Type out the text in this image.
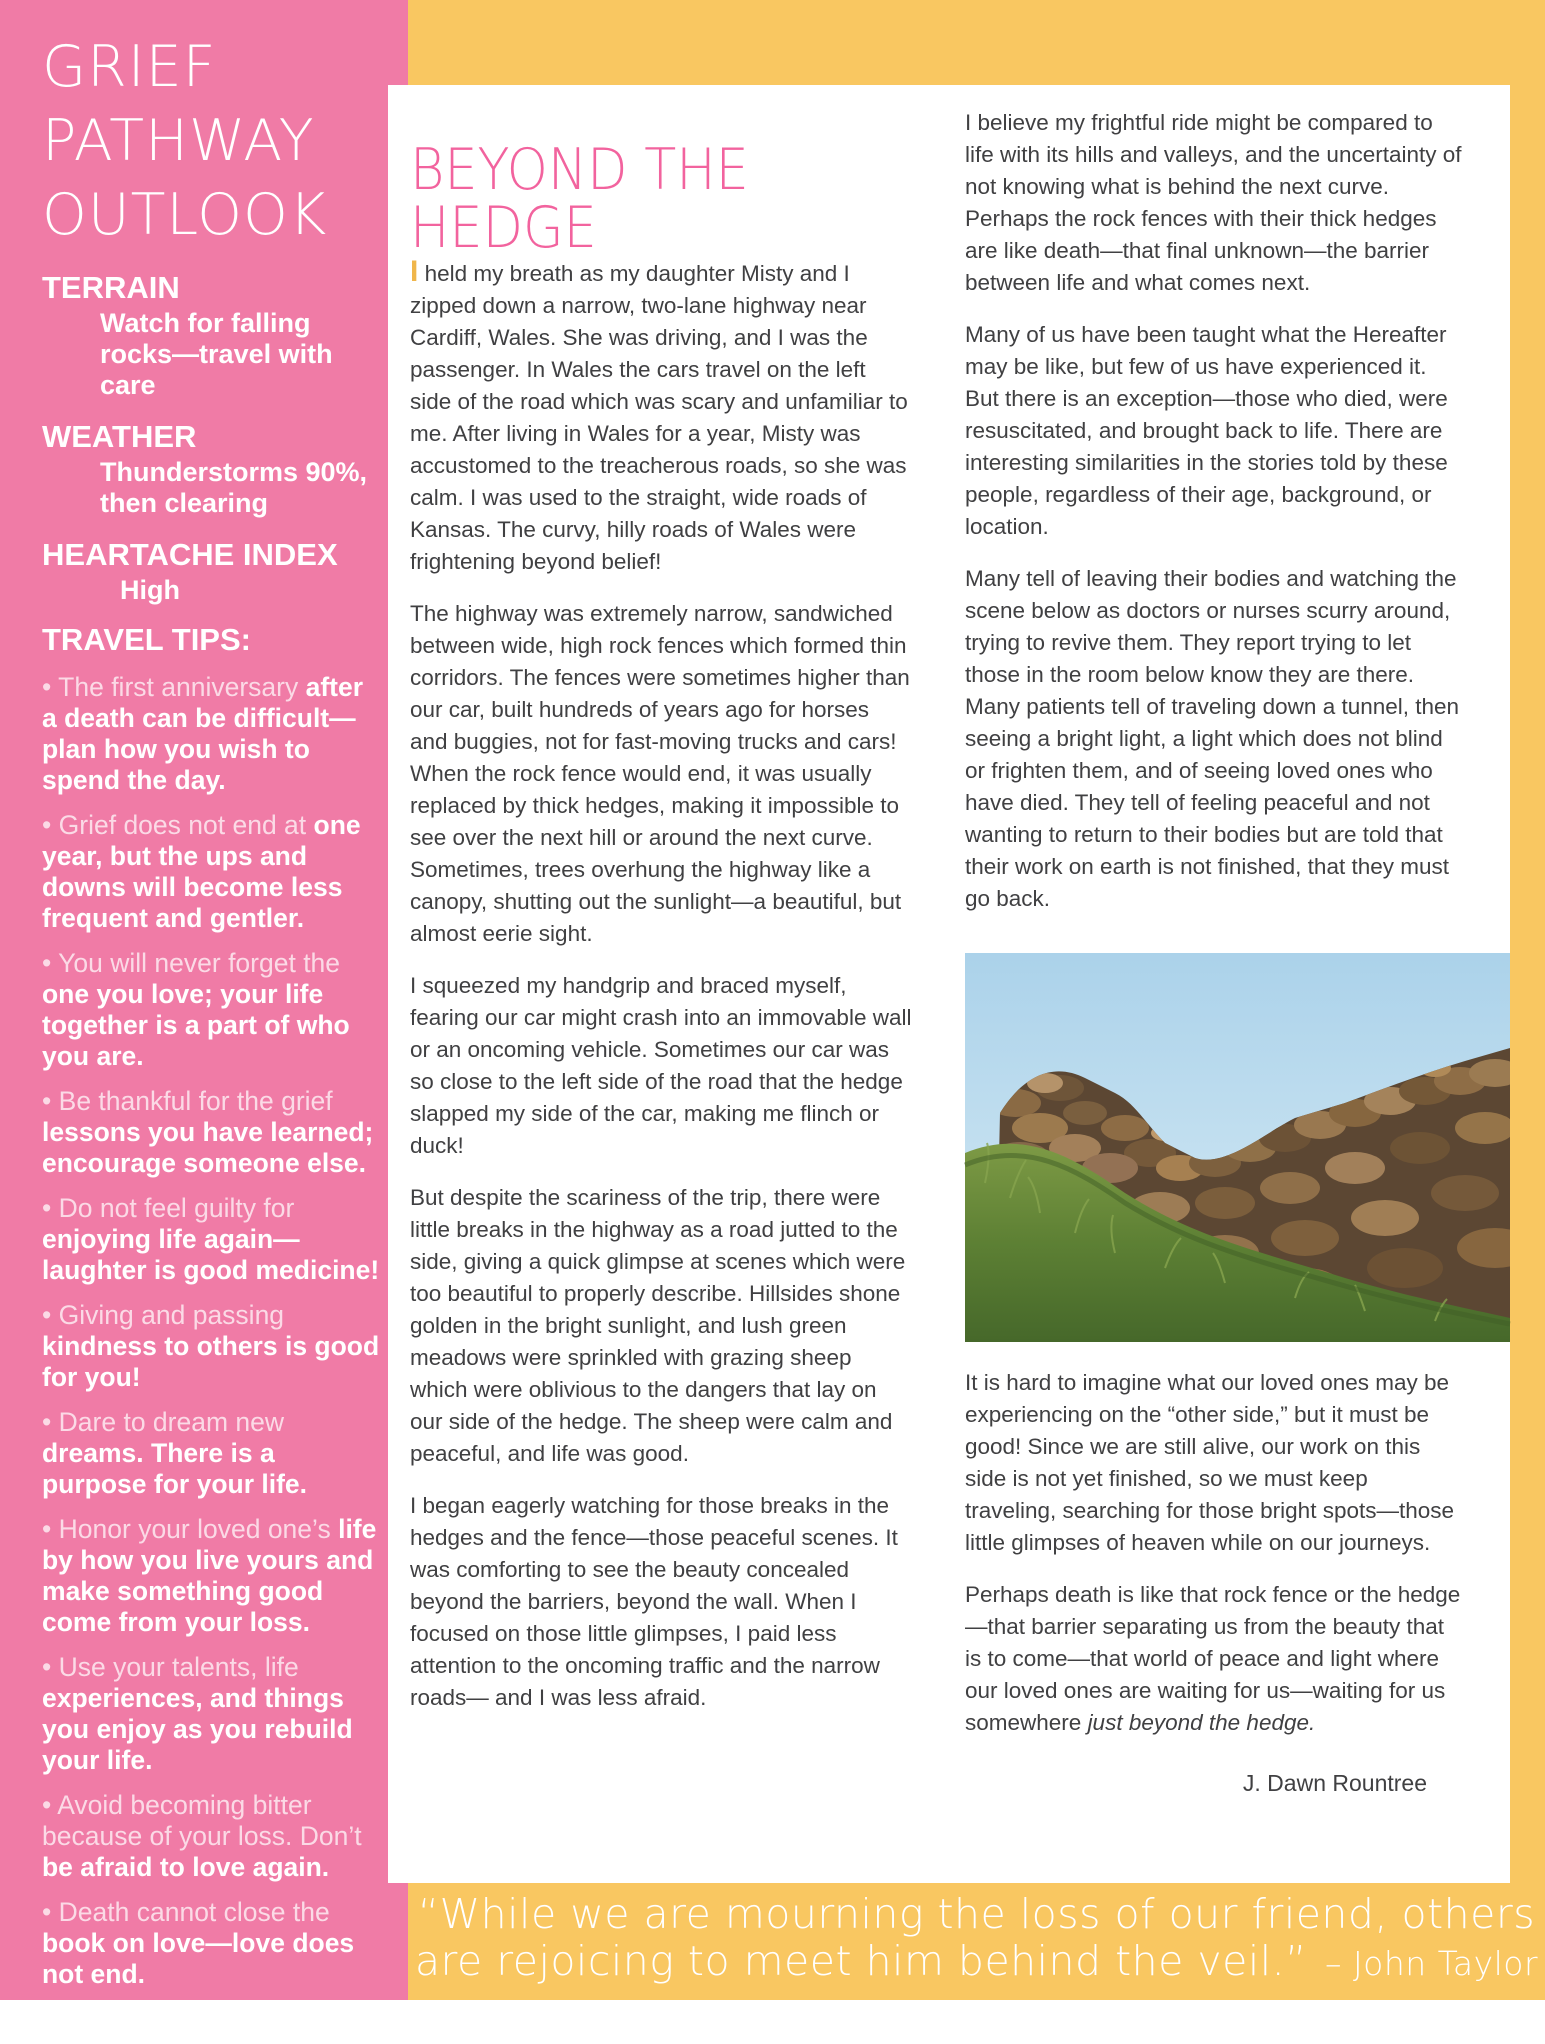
GRIEF
PATHWAY
OUTLOOK
TERRAIN
Watch for falling rocks—travel with care
WEATHER
Thunderstorms 90%, then clearing
HEARTACHE INDEX
High
TRAVEL TIPS:
• The first anniversary after a death can be difficult—plan how you wish to spend the day.
• Grief does not end at one year, but the ups and downs will become less frequent and gentler.
• You will never forget the one you love; your life together is a part of who you are.
• Be thankful for the grief lessons you have learned; encourage someone else.
• Do not feel guilty for enjoying life again—laughter is good medicine!
• Giving and passing kindness to others is good for you!
• Dare to dream new dreams. There is a purpose for your life.
• Honor your loved one’s life by how you live yours and make something good come from your loss.
• Use your talents, life experiences, and things you enjoy as you rebuild your life.
• Avoid becoming bitter because of your loss. Don’t be afraid to love again.
• Death cannot close the book on love—love does not end.
© 2023 Tootleville Publishing
BEYOND THE
HEDGE

I held my breath as my daughter Misty and I zipped down a narrow, two-lane highway near Cardiff, Wales. She was driving, and I was the passenger. In Wales the cars travel on the left side of the road which was scary and unfamiliar to me. After living in Wales for a year, Misty was accustomed to the treacherous roads, so she was calm. I was used to the straight, wide roads of Kansas. The curvy, hilly roads of Wales were frightening beyond belief!

The highway was extremely narrow, sandwiched between wide, high rock fences which formed thin corridors. The fences were sometimes higher than our car, built hundreds of years ago for horses and buggies, not for fast-moving trucks and cars! When the rock fence would end, it was usually replaced by thick hedges, making it impossible to see over the next hill or around the next curve. Sometimes, trees overhung the highway like a canopy, shutting out the sunlight—a beautiful, but almost eerie sight.

I squeezed my handgrip and braced myself, fearing our car might crash into an immovable wall or an oncoming vehicle. Sometimes our car was so close to the left side of the road that the hedge slapped my side of the car, making me flinch or duck!

But despite the scariness of the trip, there were little breaks in the highway as a road jutted to the side, giving a quick glimpse at scenes which were too beautiful to properly describe. Hillsides shone golden in the bright sunlight, and lush green meadows were sprinkled with grazing sheep which were oblivious to the dangers that lay on our side of the hedge. The sheep were calm and peaceful, and life was good.

I began eagerly watching for those breaks in the hedges and the fence—those peaceful scenes. It was comforting to see the beauty concealed beyond the barriers, beyond the wall. When I focused on those little glimpses, I paid less attention to the oncoming traffic and the narrow roads— and I was less afraid.

I believe my frightful ride might be compared to life with its hills and valleys, and the uncertainty of not knowing what is behind the next curve. Perhaps the rock fences with their thick hedges are like death—that final unknown—the barrier between life and what comes next.

Many of us have been taught what the Hereafter may be like, but few of us have experienced it. But there is an exception—those who died, were resuscitated, and brought back to life. There are interesting similarities in the stories told by these people, regardless of their age, background, or location.

Many tell of leaving their bodies and watching the scene below as doctors or nurses scurry around, trying to revive them. They report trying to let those in the room below know they are there. Many patients tell of traveling down a tunnel, then seeing a bright light, a light which does not blind or frighten them, and of seeing loved ones who have died. They tell of feeling peaceful and not wanting to return to their bodies but are told that their work on earth is not finished, that they must go back.

It is hard to imagine what our loved ones may be experiencing on the “other side,” but it must be good! Since we are still alive, our work on this side is not yet finished, so we must keep traveling, searching for those bright spots—those little glimpses of heaven while on our journeys.

Perhaps death is like that rock fence or the hedge—that barrier separating us from the beauty that is to come—that world of peace and light where our loved ones are waiting for us—waiting for us somewhere just beyond the hedge.

J. Dawn Rountree
“While we are mourning the loss of our friend, others
are rejoicing to meet him behind the veil.” – John Taylor
